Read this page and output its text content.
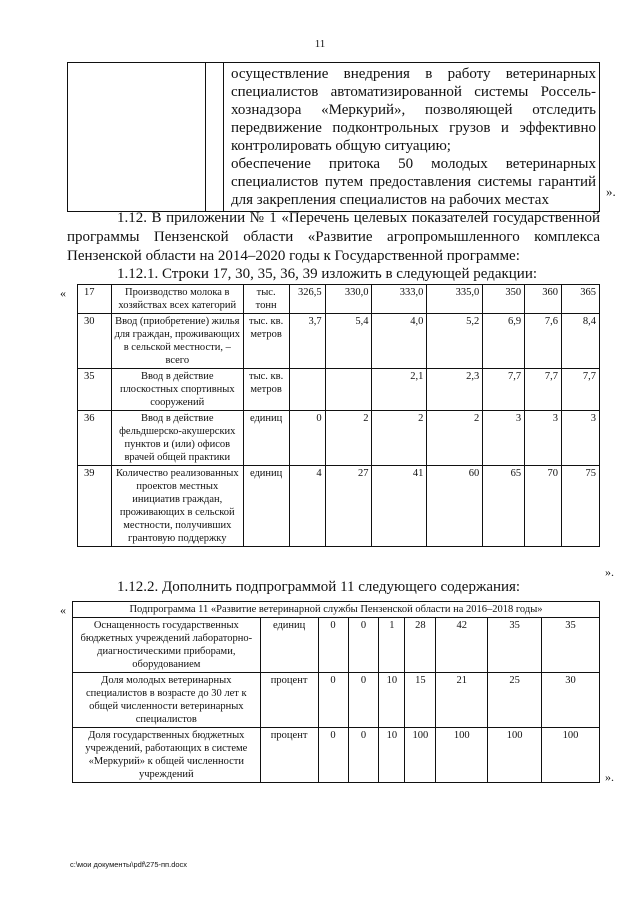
11

осуществление внедрения в работу ветеринарных

специалистов автоматизированной системы Россель-

хознадзора «Меркурий», позволяющей отследить

передвижение подконтрольных грузов и эффективно

контролировать общую ситуацию;

обеспечение притока 50 молодых ветеринарных

специалистов путем предоставления системы гарантий

для закрепления специалистов на рабочих местах

».
1.12. В приложении № 1 «Перечень целевых показателей государственной программы Пензенской области «Развитие агропромышленного комплекса Пензенской области на 2014–2020 годы к Государственной программе:
1.12.1. Строки 17, 30, 35, 36, 39 изложить в следующей редакции:
« 17	Производство молока в хозяйствах всех категорий	тыс. тонн	326,5	330,0	333,0	335,0	350	360	365
30	Ввод (приобретение) жилья для граждан, проживающих в сельской местности, – всего	тыс. кв. метров	3,7	5,4	4,0	5,2	6,9	7,6	8,4
35	Ввод в действие плоскостных спортивных сооружений	тыс. кв. метров			2,1	2,3	7,7	7,7	7,7
36	Ввод в действие фельдшерско-акушерских пунктов и (или) офисов врачей общей практики	единиц	0	2	2	2	3	3	3
39	Количество реализованных проектов местных инициатив граждан, проживающих в сельской местности, получивших грантовую поддержку	единиц	4	27	41	60	65	70	75
».
1.12.2. Дополнить подпрограммой 11 следующего содержания:
«	Подпрограмма 11 «Развитие ветеринарной службы Пензенской области на 2016–2018 годы»								
Оснащенность государственных бюджетных учреждений лабораторно-диагностическими приборами, оборудованием	единиц	0	0	1	28	42	35	35
Доля молодых ветеринарных специалистов в возрасте до 30 лет к общей численности ветеринарных специалистов	процент	0	0	10	15	21	25	30
Доля государственных бюджетных учреждений, работающих в системе «Меркурий» к общей численности учреждений	процент	0	0	10	100	100	100	100
».
c:\мои документы\pdf\275-пп.docx
